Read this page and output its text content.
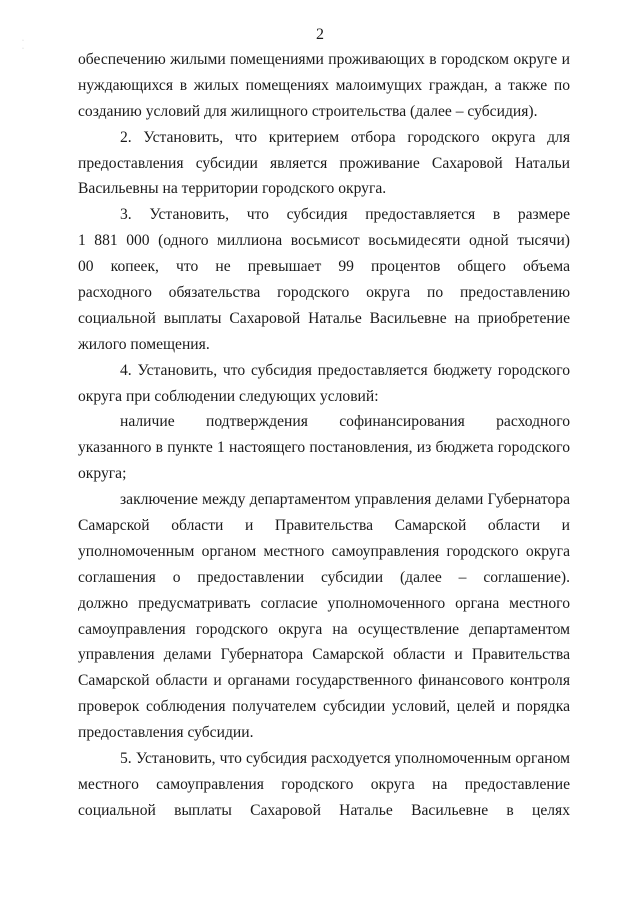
2
·
·
обеспечению жилыми помещениями проживающих в городском округе и
нуждающихся в жилых помещениях малоимущих граждан, а также по
созданию условий для жилищного строительства (далее – субсидия).
2. Установить, что критерием отбора городского округа для
предоставления субсидии является проживание Сахаровой Натальи
Васильевны на территории городского округа.
3. Установить, что субсидия предоставляется в размере
1 881 000 (одного миллиона восьмисот восьмидесяти одной тысячи)
00 копеек, что не превышает 99 процентов общего объема
расходного обязательства городского округа по предоставлению
социальной выплаты Сахаровой Наталье Васильевне на приобретение
жилого помещения.
4. Установить, что субсидия предоставляется бюджету городского
округа при соблюдении следующих условий:
наличие подтверждения софинансирования расходного
указанного в пункте 1 настоящего постановления, из бюджета городского
округа;
заключение между департаментом управления делами Губернатора
Самарской области и Правительства Самарской области и
уполномоченным органом местного самоуправления городского округа
соглашения о предоставлении субсидии (далее – соглашение).
должно предусматривать согласие уполномоченного органа местного
самоуправления городского округа на осуществление департаментом
управления делами Губернатора Самарской области и Правительства
Самарской области и органами государственного финансового контроля
проверок соблюдения получателем субсидии условий, целей и порядка
предоставления субсидии.
5. Установить, что субсидия расходуется уполномоченным органом
местного самоуправления городского округа на предоставление
социальной выплаты Сахаровой Наталье Васильевне в целях
